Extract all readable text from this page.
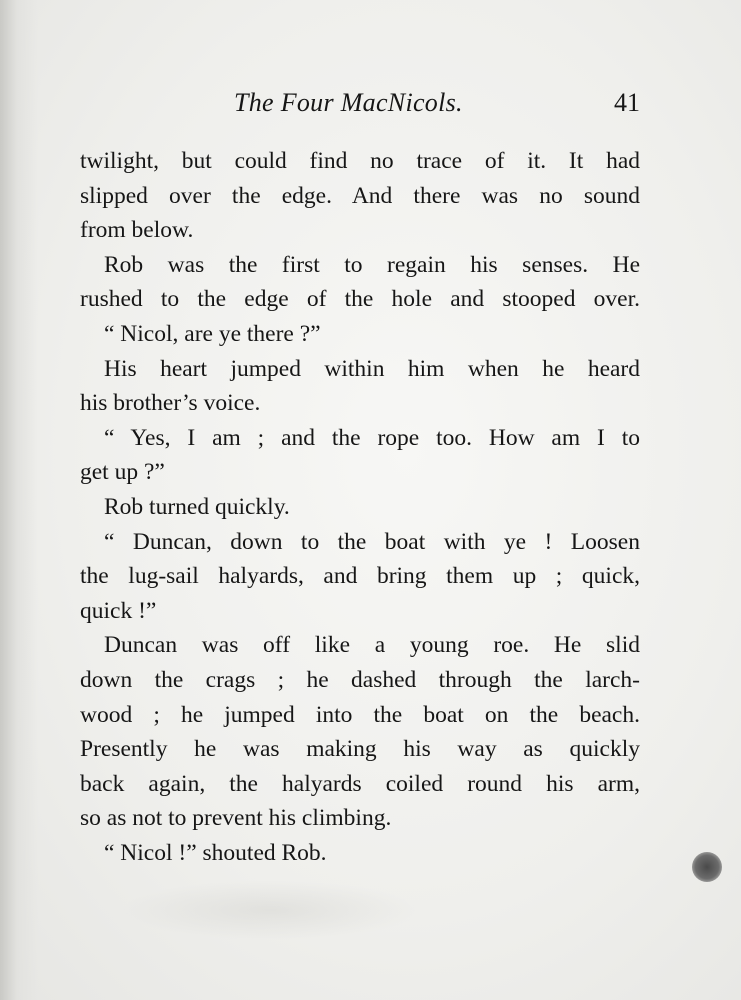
The Four MacNicols.	41
twilight, but could find no trace of it. It had
slipped over the edge. And there was no sound
from below.
Rob was the first to regain his senses. He
rushed to the edge of the hole and stooped over.
“ Nicol, are ye there ?”
His heart jumped within him when he heard
his brother’s voice.
“ Yes, I am ; and the rope too. How am I to
get up ?”
Rob turned quickly.
“ Duncan, down to the boat with ye ! Loosen
the lug-sail halyards, and bring them up ; quick,
quick !”
Duncan was off like a young roe. He slid
down the crags ; he dashed through the larch-
wood ; he jumped into the boat on the beach.
Presently he was making his way as quickly
back again, the halyards coiled round his arm,
so as not to prevent his climbing.
“ Nicol !” shouted Rob.
